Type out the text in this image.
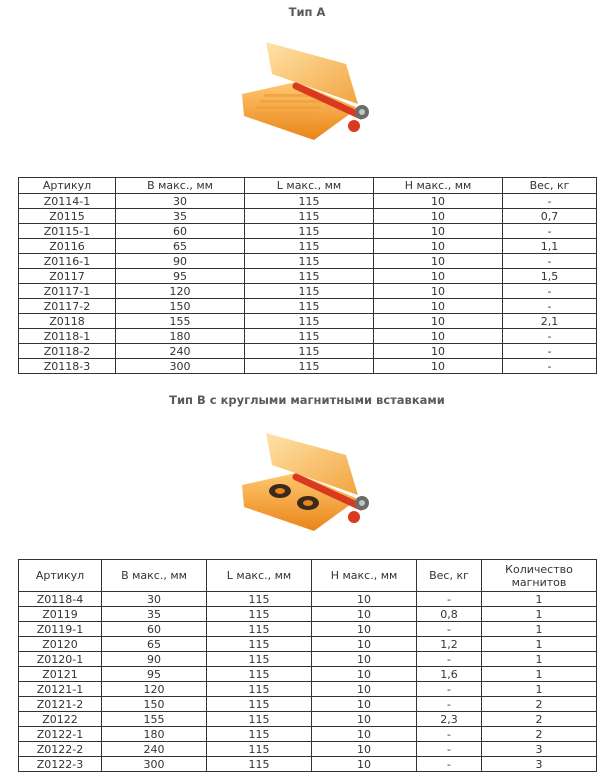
Тип А
Артикул	B макс., мм	L макс., мм	H макс., мм	Вес, кг
Z0114-1	30	115	10	-
Z0115	35	115	10	0,7
Z0115-1	60	115	10	-
Z0116	65	115	10	1,1
Z0116-1	90	115	10	-
Z0117	95	115	10	1,5
Z0117-1	120	115	10	-
Z0117-2	150	115	10	-
Z0118	155	115	10	2,1
Z0118-1	180	115	10	-
Z0118-2	240	115	10	-
Z0118-3	300	115	10	-
Тип B с круглыми магнитными вставками
Артикул	B макс., мм	L макс., мм	H макс., мм	Вес, кг	Количество магнитов
Z0118-4	30	115	10	-	1
Z0119	35	115	10	0,8	1
Z0119-1	60	115	10	-	1
Z0120	65	115	10	1,2	1
Z0120-1	90	115	10	-	1
Z0121	95	115	10	1,6	1
Z0121-1	120	115	10	-	1
Z0121-2	150	115	10	-	2
Z0122	155	115	10	2,3	2
Z0122-1	180	115	10	-	2
Z0122-2	240	115	10	-	3
Z0122-3	300	115	10	-	3
